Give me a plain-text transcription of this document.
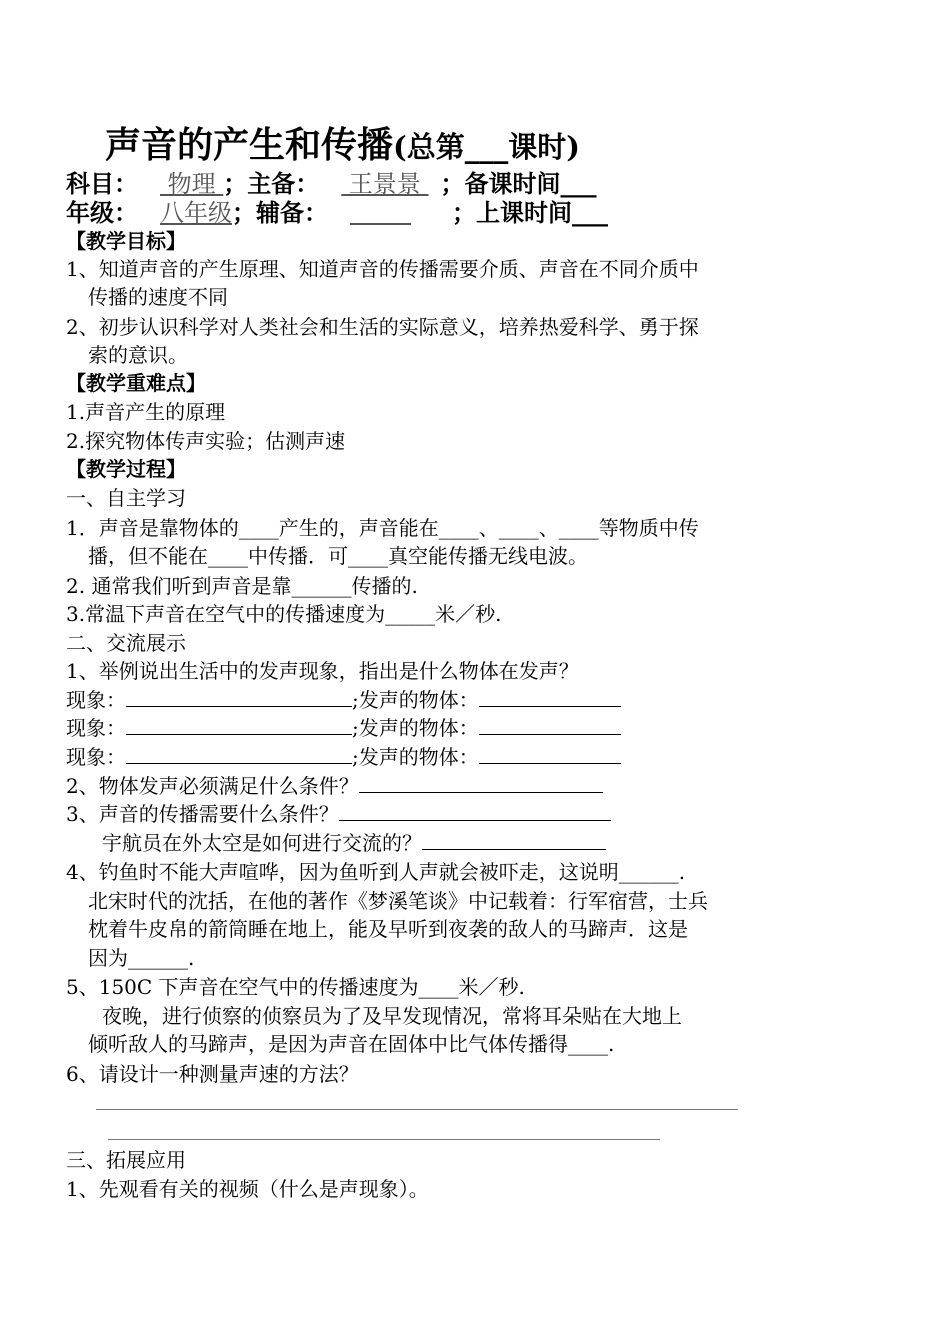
声音的产生和传播(总第___课时)
科目： 物理 ；主备： 王景景 ；备课时间___
年级： 八年级；辅备：	；上课时间___
【教学目标】
1、知道声音的产生原理、知道声音的传播需要介质、声音在不同介质中
传播的速度不同
2、初步认识科学对人类社会和生活的实际意义，培养热爱科学、勇于探
索的意识。
【教学重难点】
1.声音产生的原理
2.探究物体传声实验；估测声速
【教学过程】
一、自主学习
1．声音是靠物体的____产生的，声音能在____、____、____等物质中传
播，但不能在____中传播．可____真空能传播无线电波。
2. 通常我们听到声音是靠______传播的.
3.常温下声音在空气中的传播速度为_____米／秒.
二、交流展示
1、举例说出生活中的发声现象，指出是什么物体在发声？
现象：	;发声的物体：
现象：	;发声的物体：
现象：	;发声的物体：
2、物体发声必须满足什么条件？
3、声音的传播需要什么条件？
宇航员在外太空是如何进行交流的？
4、钓鱼时不能大声喧哗，因为鱼听到人声就会被吓走，这说明______.
北宋时代的沈括，在他的著作《梦溪笔谈》中记载着：行军宿营，士兵
枕着牛皮帛的箭筒睡在地上，能及早听到夜袭的敌人的马蹄声．这是
因为______.
5、150C 下声音在空气中的传播速度为____米／秒.
夜晚，进行侦察的侦察员为了及早发现情况，常将耳朵贴在大地上
倾听敌人的马蹄声，是因为声音在固体中比气体传播得____.
6、请设计一种测量声速的方法？
三、拓展应用
1、先观看有关的视频（什么是声现象）。
